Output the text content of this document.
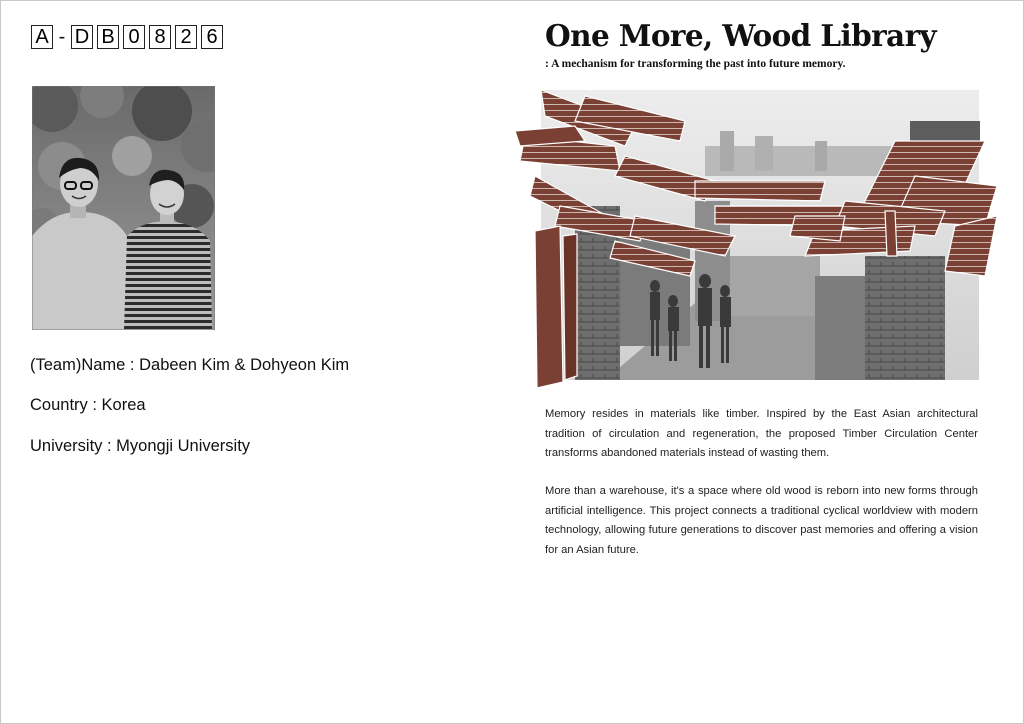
A - D B 0 8 2 6
(Team)Name : Dabeen Kim & Dohyeon Kim
Country : Korea
University : Myongji University
One More, Wood Library
: A mechanism for transforming the past into future memory.

Memory resides in materials like timber. Inspired by the East Asian architectural tradition of circulation and regeneration, the proposed Timber Circulation Center transforms abandoned materials instead of wasting them.

More than a warehouse, it's a space where old wood is reborn into new forms through artificial intelligence. This project connects a traditional cyclical worldview with modern technology, allowing future generations to discover past memories and offering a vision for an Asian future.
